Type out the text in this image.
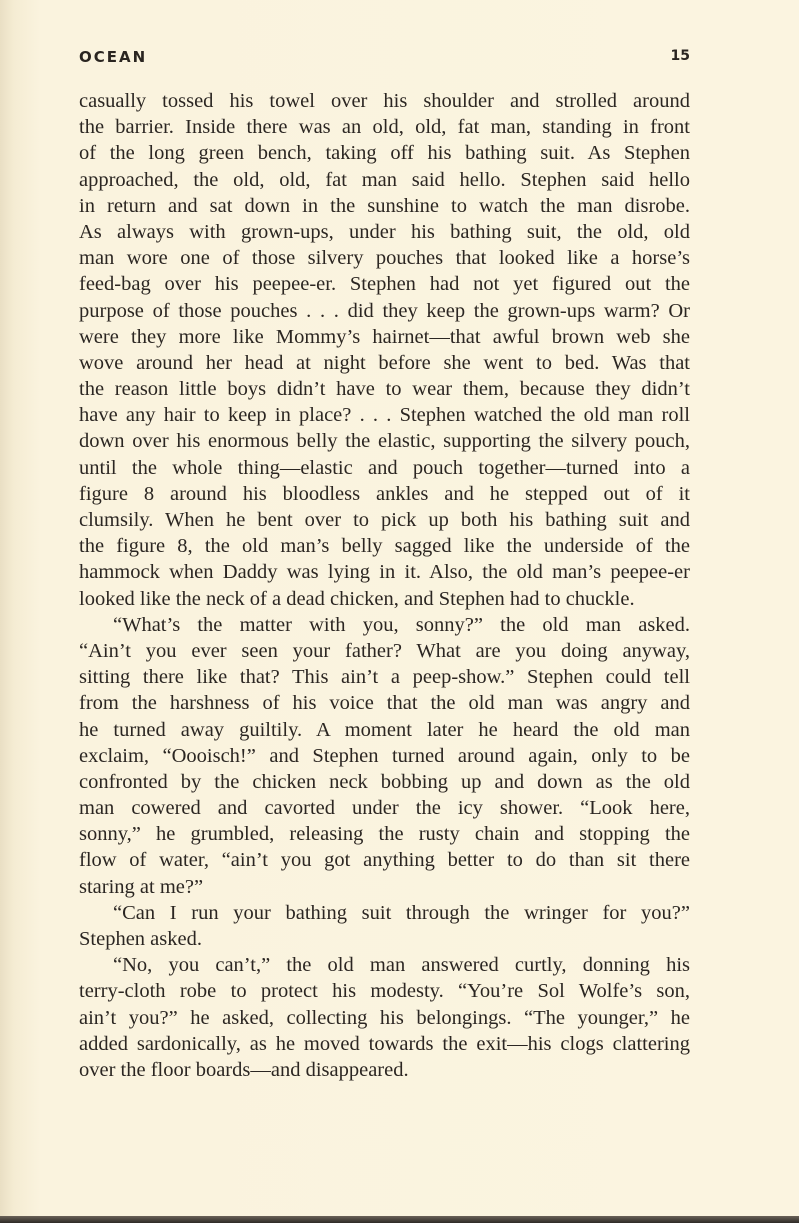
OCEAN	15
casually tossed his towel over his shoulder and strolled around
the barrier. Inside there was an old, old, fat man, standing in front
of the long green bench, taking off his bathing suit. As Stephen
approached, the old, old, fat man said hello. Stephen said hello
in return and sat down in the sunshine to watch the man disrobe.
As always with grown-ups, under his bathing suit, the old, old
man wore one of those silvery pouches that looked like a horse’s
feed-bag over his peepee-er. Stephen had not yet figured out the
purpose of those pouches . . . did they keep the grown-ups warm? Or
were they more like Mommy’s hairnet—that awful brown web she
wove around her head at night before she went to bed. Was that
the reason little boys didn’t have to wear them, because they didn’t
have any hair to keep in place? . . . Stephen watched the old man roll
down over his enormous belly the elastic, supporting the silvery pouch,
until the whole thing—elastic and pouch together—turned into a
figure 8 around his bloodless ankles and he stepped out of it
clumsily. When he bent over to pick up both his bathing suit and
the figure 8, the old man’s belly sagged like the underside of the
hammock when Daddy was lying in it. Also, the old man’s peepee-er
looked like the neck of a dead chicken, and Stephen had to chuckle.
“What’s the matter with you, sonny?” the old man asked.
“Ain’t you ever seen your father? What are you doing anyway,
sitting there like that? This ain’t a peep-show.” Stephen could tell
from the harshness of his voice that the old man was angry and
he turned away guiltily. A moment later he heard the old man
exclaim, “Oooisch!” and Stephen turned around again, only to be
confronted by the chicken neck bobbing up and down as the old
man cowered and cavorted under the icy shower. “Look here,
sonny,” he grumbled, releasing the rusty chain and stopping the
flow of water, “ain’t you got anything better to do than sit there
staring at me?”
“Can I run your bathing suit through the wringer for you?”
Stephen asked.
“No, you can’t,” the old man answered curtly, donning his
terry-cloth robe to protect his modesty. “You’re Sol Wolfe’s son,
ain’t you?” he asked, collecting his belongings. “The younger,” he
added sardonically, as he moved towards the exit—his clogs clattering
over the floor boards—and disappeared.
